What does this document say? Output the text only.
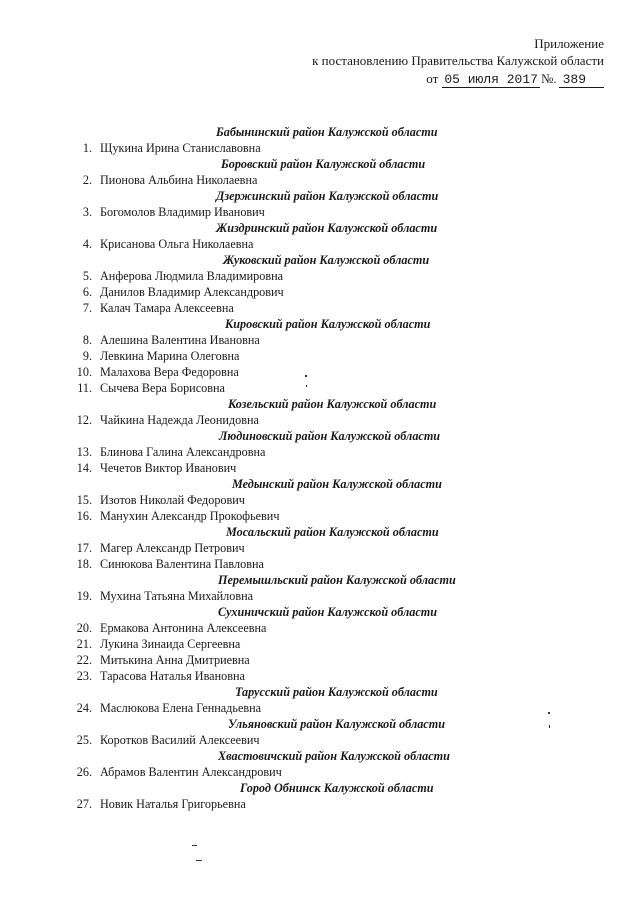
Приложение
к постановлению Правительства Калужской области
от 05 июля 2017 №. 389
Бабынинский район Калужской области
1. Щукина Ирина Станиславовна
Боровский район Калужской области
2. Пионова Альбина Николаевна
Дзержинский район Калужской области
3. Богомолов Владимир Иванович
Жиздринский район Калужской области
4. Крисанова Ольга Николаевна
Жуковский район Калужской области
5. Анферова Людмила Владимировна
6. Данилов Владимир Александрович
7. Калач Тамара Алексеевна
Кировский район Калужской области
8. Алешина Валентина Ивановна
9. Левкина Марина Олеговна
10. Малахова Вера Федоровна
11. Сычева Вера Борисовна
Козельский район Калужской области
12. Чайкина Надежда Леонидовна
Людиновский район Калужской области
13. Блинова Галина Александровна
14. Чечетов Виктор Иванович
Медынский район Калужской области
15. Изотов Николай Федорович
16. Манухин Александр Прокофьевич
Мосальский район Калужской области
17. Магер Александр Петрович
18. Синюкова Валентина Павловна
Перемышльский район Калужской области
19. Мухина Татьяна Михайловна
Сухиничский район Калужской области
20. Ермакова Антонина Алексеевна
21. Лукина Зинаида Сергеевна
22. Митькина Анна Дмитриевна
23. Тарасова Наталья Ивановна
Тарусский район Калужской области
24. Маслюкова Елена Геннадьевна
Ульяновский район Калужской области
25. Коротков Василий Алексеевич
Хвастовичский район Калужской области
26. Абрамов Валентин Александрович
Город Обнинск Калужской области
27. Новик Наталья Григорьевна
